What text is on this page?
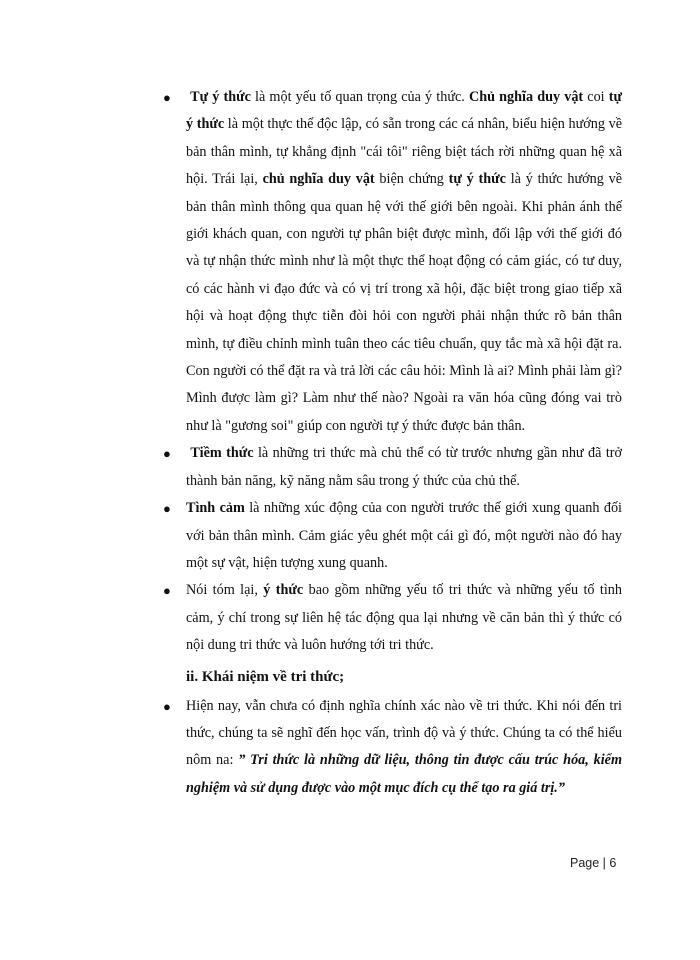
● Tự ý thức là một yếu tố quan trọng của ý thức. Chủ nghĩa duy vật coi tự ý thức là một thực thể độc lập, có sẵn trong các cá nhân, biểu hiện hướng về bản thân mình, tự khẳng định "cái tôi" riêng biệt tách rời những quan hệ xã hội. Trái lại, chủ nghĩa duy vật biện chứng tự ý thức là ý thức hướng về bản thân mình thông qua quan hệ với thế giới bên ngoài. Khi phản ánh thế giới khách quan, con người tự phân biệt được mình, đối lập với thế giới đó và tự nhận thức mình như là một thực thể hoạt động có cảm giác, có tư duy, có các hành vi đạo đức và có vị trí trong xã hội, đặc biệt trong giao tiếp xã hội và hoạt động thực tiễn đòi hỏi con người phải nhận thức rõ bản thân mình, tự điều chỉnh mình tuân theo các tiêu chuẩn, quy tắc mà xã hội đặt ra. Con người có thể đặt ra và trả lời các câu hỏi: Mình là ai? Mình phải làm gì? Mình được làm gì? Làm như thế nào? Ngoài ra văn hóa cũng đóng vai trò như là "gương soi" giúp con người tự ý thức được bản thân.
● Tiềm thức là những tri thức mà chủ thể có từ trước nhưng gần như đã trở thành bản năng, kỹ năng nằm sâu trong ý thức của chủ thể.
● Tình cảm là những xúc động của con người trước thế giới xung quanh đối với bản thân mình. Cảm giác yêu ghét một cái gì đó, một người nào đó hay một sự vật, hiện tượng xung quanh.
● Nói tóm lại, ý thức bao gồm những yếu tố tri thức và những yếu tố tình cảm, ý chí trong sự liên hệ tác động qua lại nhưng về căn bản thì ý thức có nội dung tri thức và luôn hướng tới tri thức.
ii. Khái niệm về tri thức;
● Hiện nay, vẫn chưa có định nghĩa chính xác nào về tri thức. Khi nói đến tri thức, chúng ta sẽ nghĩ đến học vấn, trình độ và ý thức. Chúng ta có thể hiểu nôm na: ” Tri thức là những dữ liệu, thông tin được cấu trúc hóa, kiểm nghiệm và sử dụng được vào một mục đích cụ thể tạo ra giá trị.”
Page | 6
